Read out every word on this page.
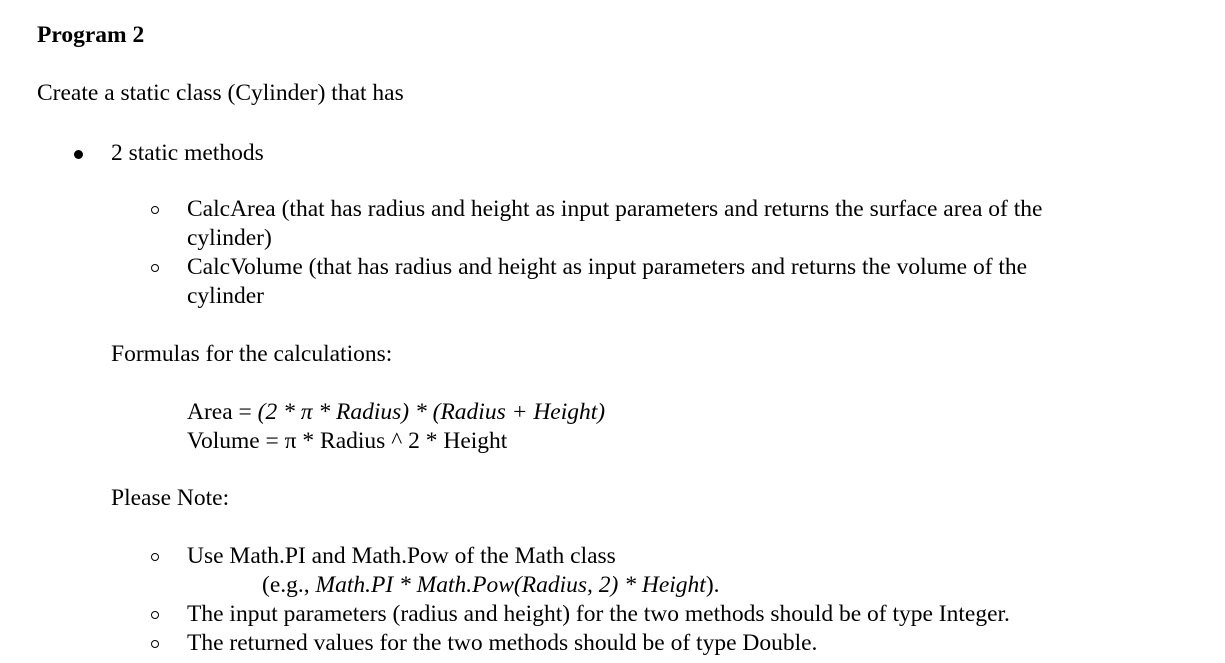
Program 2
Create a static class (Cylinder) that has
2 static methods
CalcArea (that has radius and height as input parameters and returns the surface area of the
cylinder)
CalcVolume (that has radius and height as input parameters and returns the volume of the
cylinder
Formulas for the calculations:
Area = (2 * π * Radius) * (Radius + Height)
Volume = π * Radius ^ 2 * Height
Please Note:
Use Math.PI and Math.Pow of the Math class
(e.g., Math.PI * Math.Pow(Radius, 2) * Height).
The input parameters (radius and height) for the two methods should be of type Integer.
The returned values for the two methods should be of type Double.
